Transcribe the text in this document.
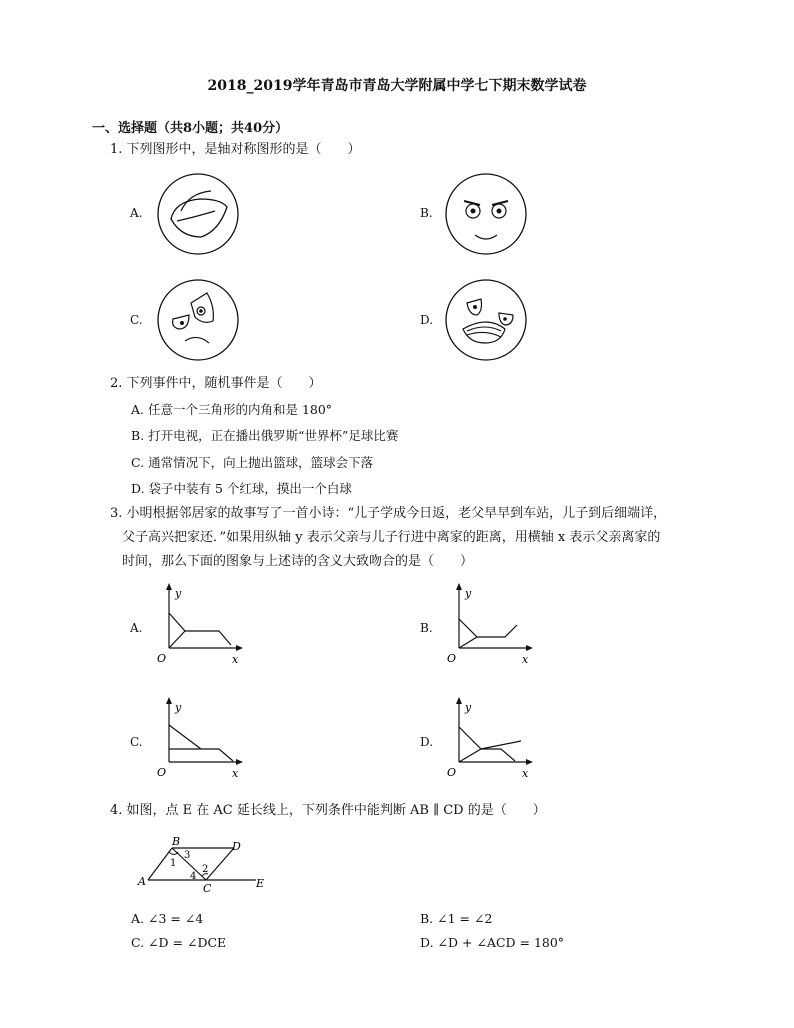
2018_2019学年青岛市青岛大学附属中学七下期末数学试卷
一、选择题（共8小题；共40分）
1. 下列图形中，是轴对称图形的是（　　）
A.	B.
C.	D.
2. 下列事件中，随机事件是（　　）
A. 任意一个三角形的内角和是 180°
B. 打开电视，正在播出俄罗斯“世界杯”足球比赛
C. 通常情况下，向上抛出篮球，篮球会下落
D. 袋子中装有 5 个红球，摸出一个白球
3. 小明根据邻居家的故事写了一首小诗：“儿子学成今日返，老父早早到车站，儿子到后细端详，
父子高兴把家还．”如果用纵轴 y 表示父亲与儿子行进中离家的距离，用横轴 x 表示父亲离家的
时间，那么下面的图象与上述诗的含义大致吻合的是（　　）
A.
y
O	x
B.
y
O	x
C.
y
O	x
D.
y
O	x
4. 如图，点 E 在 AC 延长线上，下列条件中能判断 AB ∥ CD 的是（　　）
B	D
A
C	E
1
3
2
4
A. ∠3 = ∠4	B. ∠1 = ∠2
C. ∠D = ∠DCE	D. ∠D + ∠ACD = 180°
